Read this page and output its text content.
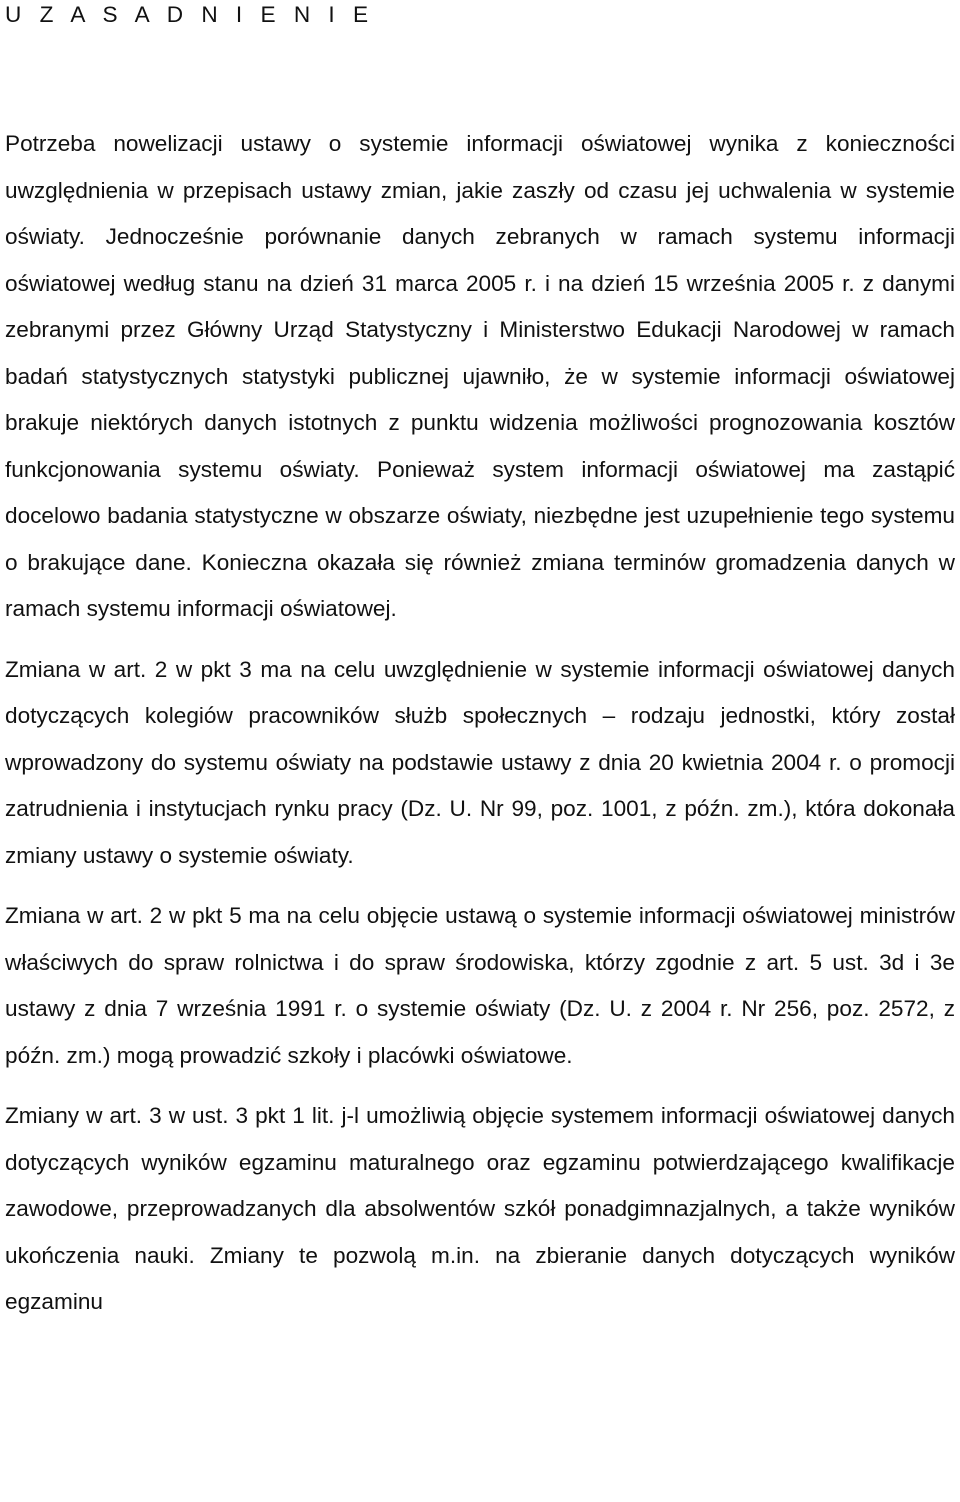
U Z A S A D N I E N I E

Potrzeba nowelizacji ustawy o systemie informacji oświatowej wynika z konieczności uwzględnienia w przepisach ustawy zmian, jakie zaszły od czasu jej uchwalenia w systemie oświaty. Jednocześnie porównanie danych zebranych w ramach systemu informacji oświatowej według stanu na dzień 31 marca 2005 r. i na dzień 15 września 2005 r. z danymi zebranymi przez Główny Urząd Statystyczny i Ministerstwo Edukacji Narodowej w ramach badań statystycznych statystyki publicznej ujawniło, że w systemie informacji oświatowej brakuje niektórych danych istotnych z punktu widzenia możliwości prognozowania kosztów funkcjonowania systemu oświaty. Ponieważ system informacji oświatowej ma zastąpić docelowo badania statystyczne w obszarze oświaty, niezbędne jest uzupełnienie tego systemu o brakujące dane. Konieczna okazała się również zmiana terminów gromadzenia danych w ramach systemu informacji oświatowej.

Zmiana w art. 2 w pkt 3 ma na celu uwzględnienie w systemie informacji oświatowej danych dotyczących kolegiów pracowników służb społecznych – rodzaju jednostki, który został wprowadzony do systemu oświaty na podstawie ustawy z dnia 20 kwietnia 2004 r. o promocji zatrudnienia i instytucjach rynku pracy (Dz. U. Nr 99, poz. 1001, z późn. zm.), która dokonała zmiany ustawy o systemie oświaty.

Zmiana w art. 2 w pkt 5 ma na celu objęcie ustawą o systemie informacji oświatowej ministrów właściwych do spraw rolnictwa i do spraw środowiska, którzy zgodnie z art. 5 ust. 3d i 3e ustawy z dnia 7 września 1991 r. o systemie oświaty (Dz. U. z 2004 r. Nr 256, poz. 2572, z późn. zm.) mogą prowadzić szkoły i placówki oświatowe.

Zmiany w art. 3 w ust. 3 pkt 1 lit. j-l umożliwią objęcie systemem informacji oświatowej danych dotyczących wyników egzaminu maturalnego oraz egzaminu potwierdzającego kwalifikacje zawodowe, przeprowadzanych dla absolwentów szkół ponadgimnazjalnych, a także wyników ukończenia nauki. Zmiany te pozwolą m.in. na zbieranie danych dotyczących wyników egzaminu
